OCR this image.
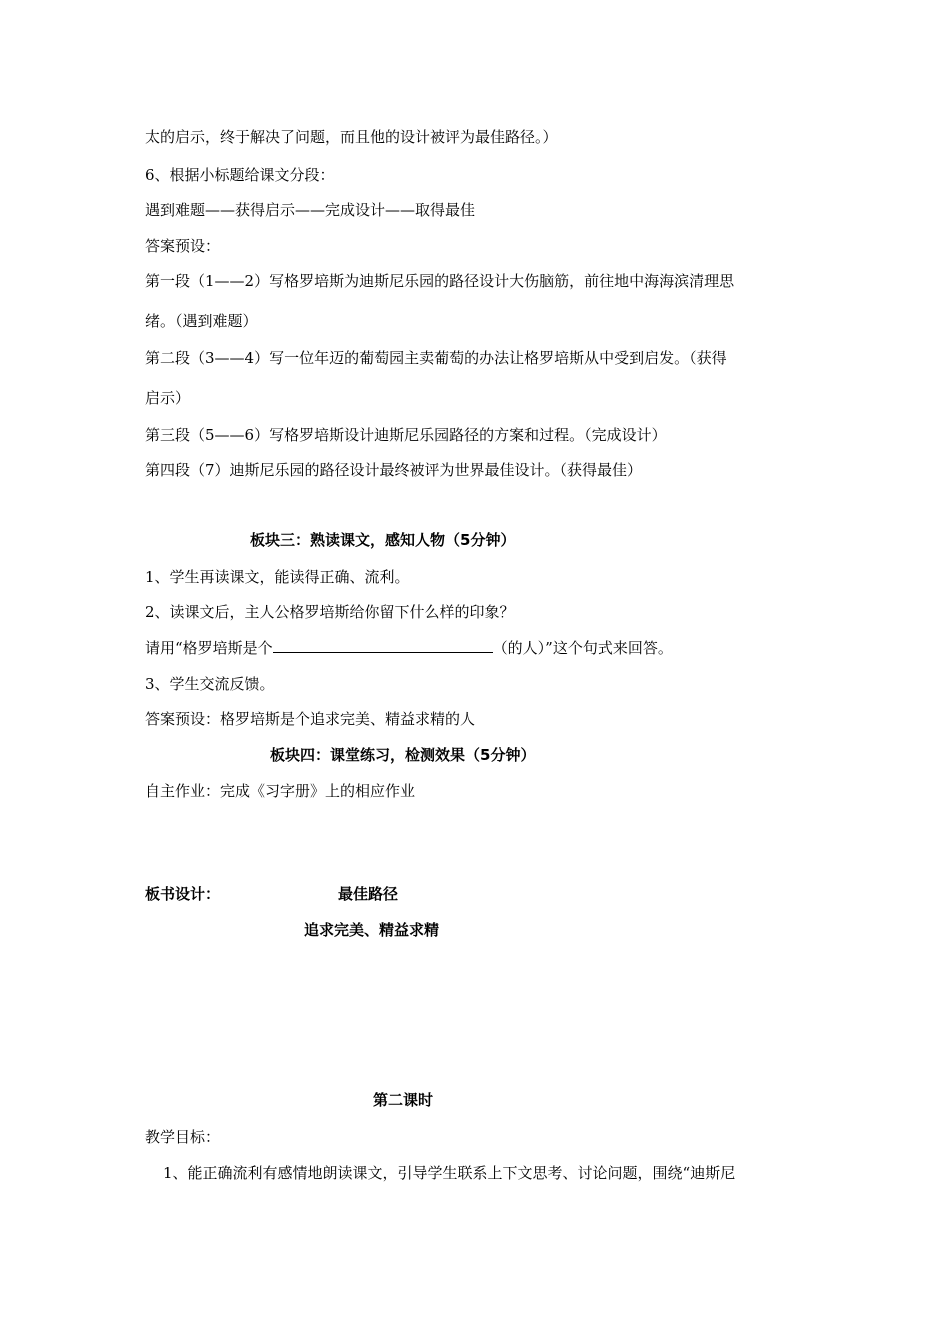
太的启示，终于解决了问题，而且他的设计被评为最佳路径。）
6、根据小标题给课文分段：
遇到难题——获得启示——完成设计——取得最佳
答案预设：
第一段（1——2）写格罗培斯为迪斯尼乐园的路径设计大伤脑筋，前往地中海海滨清理思
绪。（遇到难题）
第二段（3——4）写一位年迈的葡萄园主卖葡萄的办法让格罗培斯从中受到启发。（获得
启示）
第三段（5——6）写格罗培斯设计迪斯尼乐园路径的方案和过程。（完成设计）
第四段（7）迪斯尼乐园的路径设计最终被评为世界最佳设计。（获得最佳）
板块三：熟读课文，感知人物（5分钟）
1、学生再读课文，能读得正确、流利。
2、读课文后，主人公格罗培斯给你留下什么样的印象？
请用“格罗培斯是个	（的人）”这个句式来回答。
3、学生交流反馈。
答案预设：格罗培斯是个追求完美、精益求精的人
板块四：课堂练习，检测效果（5分钟）
自主作业：完成《习字册》上的相应作业
板书设计：	最佳路径
追求完美、精益求精
第二课时
教学目标：
1、能正确流利有感情地朗读课文，引导学生联系上下文思考、讨论问题，围绕“迪斯尼
